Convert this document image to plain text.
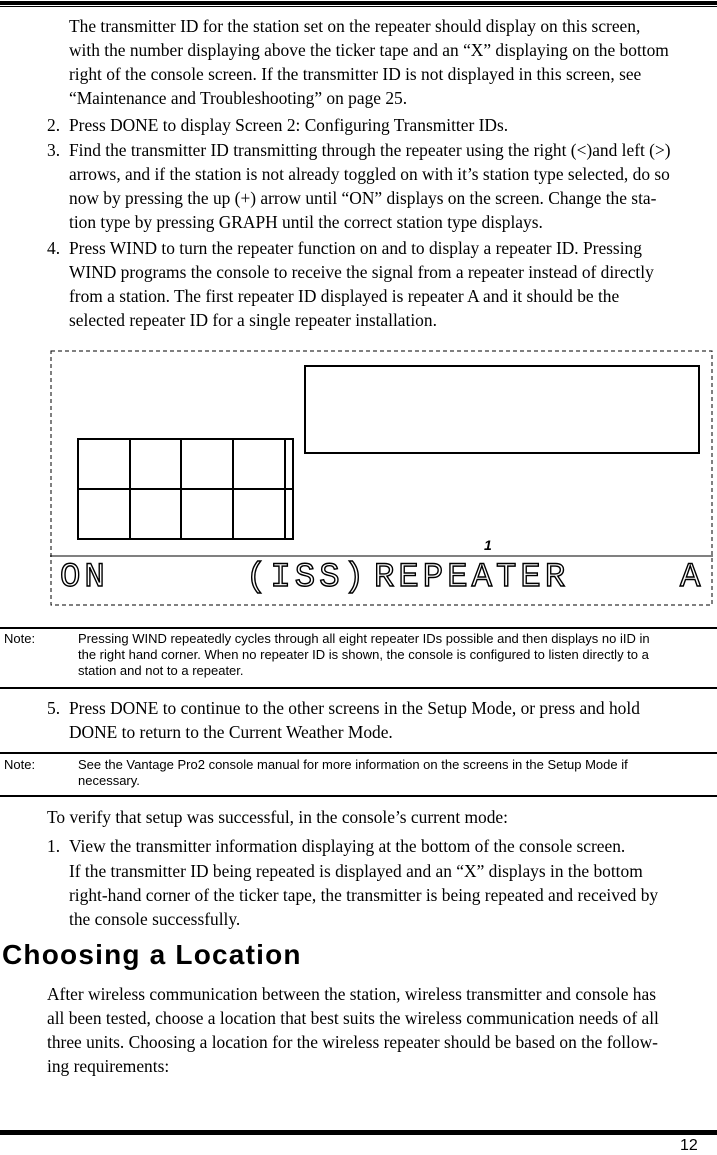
The transmitter ID for the station set on the repeater should display on this screen,
with the number displaying above the ticker tape and an “X” displaying on the bottom
right of the console screen. If the transmitter ID is not displayed in this screen, see
“Maintenance and Troubleshooting” on page 25.
2. Press DONE to display Screen 2: Configuring Transmitter IDs.
3. Find the transmitter ID transmitting through the repeater using the right (<)and left (>)
arrows, and if the station is not already toggled on with it’s station type selected, do so
now by pressing the up (+) arrow until “ON” displays on the screen. Change the sta-
tion type by pressing GRAPH until the correct station type displays.
4. Press WIND to turn the repeater function on and to display a repeater ID. Pressing
WIND programs the console to receive the signal from a repeater instead of directly
from a station. The first repeater ID displayed is repeater A and it should be the
selected repeater ID for a single repeater installation.
1
ON	(ISS) REPEATER	A
Note:	Pressing WIND repeatedly cycles through all eight repeater IDs possible and then displays no iID in
the right hand corner. When no repeater ID is shown, the console is configured to listen directly to a
station and not to a repeater.
5. Press DONE to continue to the other screens in the Setup Mode, or press and hold
DONE to return to the Current Weather Mode.
Note:	See the Vantage Pro2 console manual for more information on the screens in the Setup Mode if
necessary.
To verify that setup was successful, in the console’s current mode:
1. View the transmitter information displaying at the bottom of the console screen.
If the transmitter ID being repeated is displayed and an “X” displays in the bottom
right-hand corner of the ticker tape, the transmitter is being repeated and received by
the console successfully.
Choosing a Location
After wireless communication between the station, wireless transmitter and console has
all been tested, choose a location that best suits the wireless communication needs of all
three units. Choosing a location for the wireless repeater should be based on the follow-
ing requirements:
12
